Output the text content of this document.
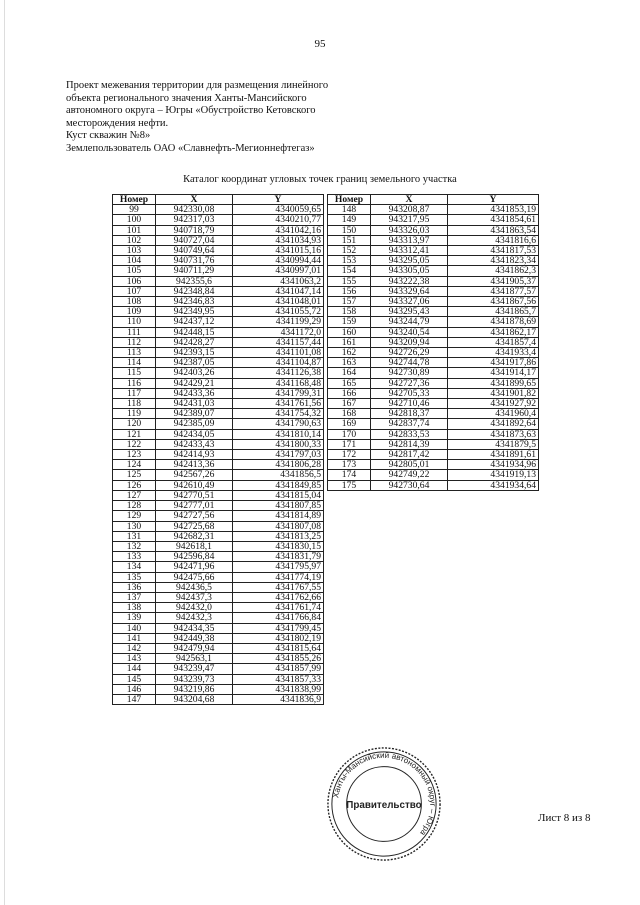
95
Проект межевания территории для размещения линейного
объекта регионального значения Ханты-Мансийского
автономного округа – Югры «Обустройство Кетовского
месторождения нефти.
Куст скважин №8»
Землепользователь ОАО «Славнефть-Мегионнефтегаз»
Каталог координат угловых точек границ земельного участка
Номер	X	Y
99	942330,08	4340059,65
100	942317,03	4340210,77
101	940718,79	4341042,16
102	940727,04	4341034,93
103	940749,64	4341015,16
104	940731,76	4340994,44
105	940711,29	4340997,01
106	942355,6	4341063,2
107	942348,84	4341047,14
108	942346,83	4341048,01
109	942349,95	4341055,72
110	942437,12	4341199,29
111	942448,15	4341172,0
112	942428,27	4341157,44
113	942393,15	4341101,08
114	942387,05	4341104,87
115	942403,26	4341126,38
116	942429,21	4341168,48
117	942433,36	4341799,31
118	942431,03	4341761,56
119	942389,07	4341754,32
120	942385,09	4341790,63
121	942434,05	4341810,14
122	942433,43	4341800,33
123	942414,93	4341797,03
124	942413,36	4341806,28
125	942567,26	4341856,5
126	942610,49	4341849,85
127	942770,51	4341815,04
128	942777,01	4341807,85
129	942727,56	4341814,89
130	942725,68	4341807,08
131	942682,31	4341813,25
132	942618,1	4341830,15
133	942596,84	4341831,79
134	942471,96	4341795,97
135	942475,66	4341774,19
136	942436,5	4341767,55
137	942437,3	4341762,66
138	942432,0	4341761,74
139	942432,3	4341766,84
140	942434,35	4341799,45
141	942449,38	4341802,19
142	942479,94	4341815,64
143	942563,1	4341855,26
144	943239,47	4341857,99
145	943239,73	4341857,33
146	943219,86	4341838,99
147	943204,68	4341836,9
Номер	X	Y
148	943208,87	4341853,19
149	943217,95	4341854,61
150	943326,03	4341863,54
151	943313,97	4341816,6
152	943312,41	4341817,53
153	943295,05	4341823,34
154	943305,05	4341862,3
155	943222,38	4341905,37
156	943329,64	4341877,57
157	943327,06	4341867,56
158	943295,43	4341865,7
159	943244,79	4341878,69
160	943240,54	4341862,17
161	943209,94	4341857,4
162	942726,29	4341933,4
163	942744,78	4341917,86
164	942730,89	4341914,17
165	942727,36	4341899,65
166	942705,33	4341901,82
167	942710,46	4341927,92
168	942818,37	4341960,4
169	942837,74	4341892,64
170	942833,53	4341873,63
171	942814,39	4341879,5
172	942817,42	4341891,61
173	942805,01	4341934,96
174	942749,22	4341919,13
175	942730,64	4341934,64
Ханты-Мансийский автономный округ – Югра
Правительство
Лист 8 из 8
